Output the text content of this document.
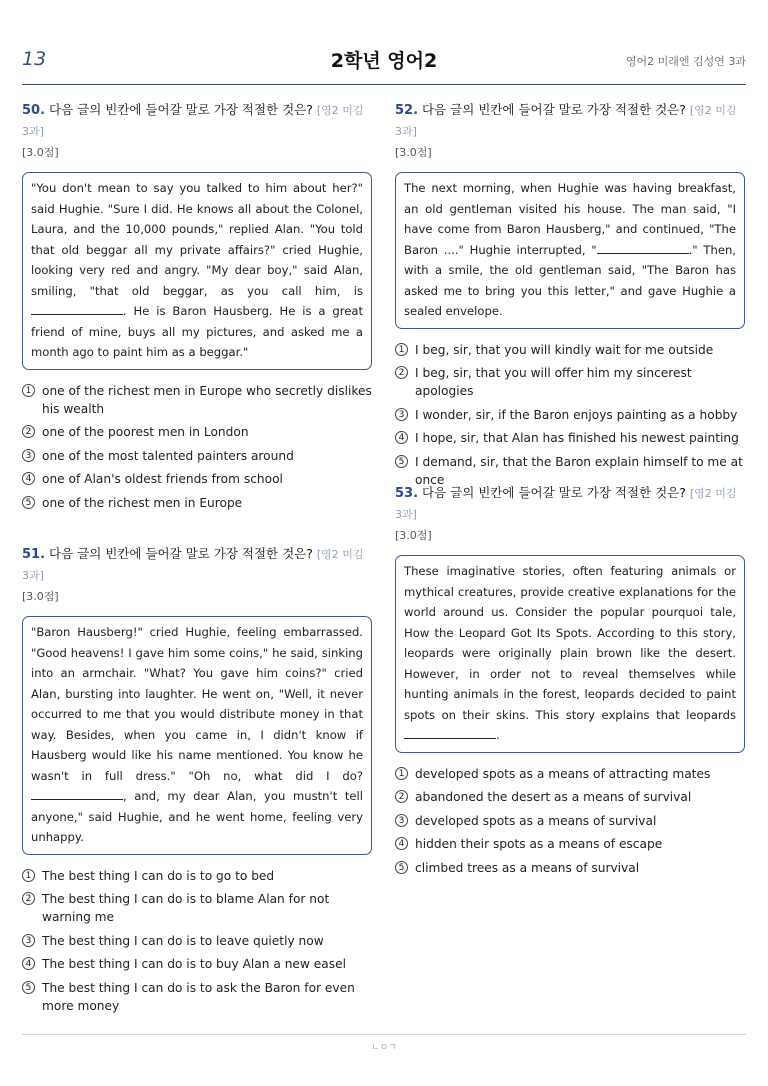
13	2학년 영어2	영어2 미래엔 김성연 3과
50. 다음 글의 빈칸에 들어갈 말로 가장 적절한 것은? [영2 미김 3과]
[3.0점]
"You don't mean to say you talked to him about her?" said Hughie. "Sure I did. He knows all about the Colonel, Laura, and the 10,000 pounds," replied Alan. "You told that old beggar all my private affairs?" cried Hughie, looking very red and angry. "My dear boy," said Alan, smiling, "that old beggar, as you call him, is . He is Baron Hausberg. He is a great friend of mine, buys all my pictures, and asked me a month ago to paint him as a beggar."
1 one of the richest men in Europe who secretly dislikes his wealth
2 one of the poorest men in London
3 one of the most talented painters around
4 one of Alan's oldest friends from school
5 one of the richest men in Europe
51. 다음 글의 빈칸에 들어갈 말로 가장 적절한 것은? [영2 미김 3과]
[3.0점]
"Baron Hausberg!" cried Hughie, feeling embarrassed. "Good heavens! I gave him some coins," he said, sinking into an armchair. "What? You gave him coins?" cried Alan, bursting into laughter. He went on, "Well, it never occurred to me that you would distribute money in that way. Besides, when you came in, I didn't know if Hausberg would like his name mentioned. You know he wasn't in full dress." "Oh no, what did I do? , and, my dear Alan, you mustn't tell anyone," said Hughie, and he went home, feeling very unhappy.
1 The best thing I can do is to go to bed
2 The best thing I can do is to blame Alan for not warning me
3 The best thing I can do is to leave quietly now
4 The best thing I can do is to buy Alan a new easel
5 The best thing I can do is to ask the Baron for even more money
52. 다음 글의 빈칸에 들어갈 말로 가장 적절한 것은? [영2 미김 3과]
[3.0점]
The next morning, when Hughie was having breakfast, an old gentleman visited his house. The man said, "I have come from Baron Hausberg," and continued, "The Baron ...." Hughie interrupted, "	." Then, with a smile, the old gentleman said, "The Baron has asked me to bring you this letter," and gave Hughie a sealed envelope.
1 I beg, sir, that you will kindly wait for me outside
2 I beg, sir, that you will offer him my sincerest apologies
3 I wonder, sir, if the Baron enjoys painting as a hobby
4 I hope, sir, that Alan has finished his newest painting
5 I demand, sir, that the Baron explain himself to me at once
53. 다음 글의 빈칸에 들어갈 말로 가장 적절한 것은? [영2 미김 3과]
[3.0점]
These imaginative stories, often featuring animals or mythical creatures, provide creative explanations for the world around us. Consider the popular pourquoi tale, How the Leopard Got Its Spots. According to this story, leopards were originally plain brown like the desert. However, in order not to reveal themselves while hunting animals in the forest, leopards decided to paint spots on their skins. This story explains that leopards .
1 developed spots as a means of attracting mates
2 abandoned the desert as a means of survival
3 developed spots as a means of survival
4 hidden their spots as a means of escape
5 climbed trees as a means of survival
ㄴㅇㄱ
